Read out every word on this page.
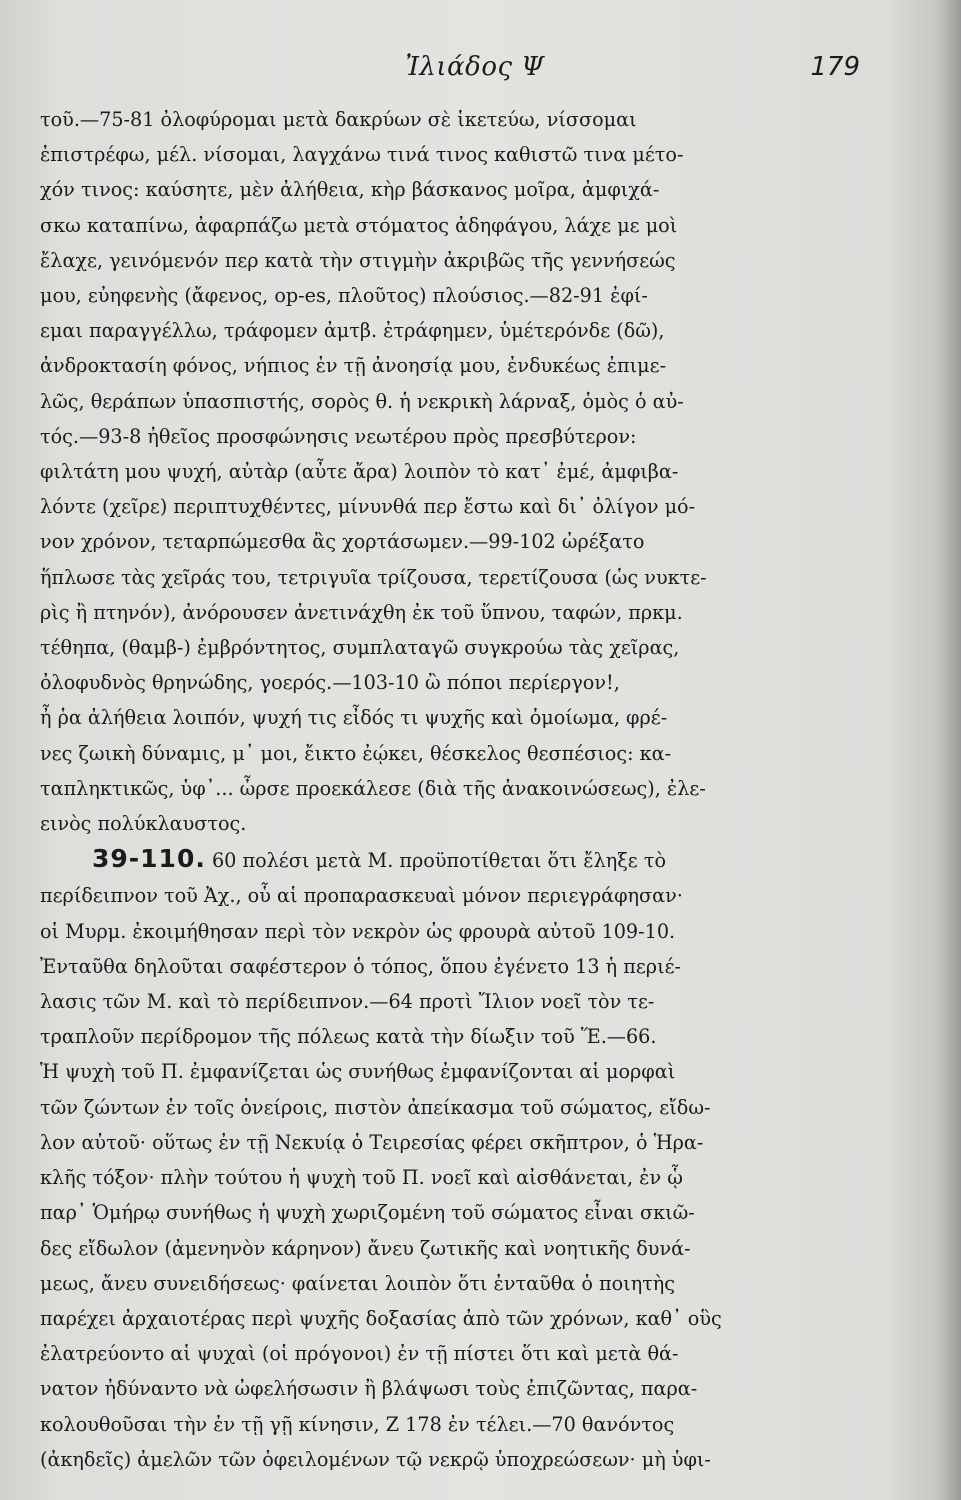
Ἰλιάδος Ψ	179
τοῦ.—75-81 ὀλοφύρομαι μετὰ δακρύων σὲ ἱκετεύω, νίσσομαι
ἐπιστρέφω, μέλ. νίσομαι, λαγχάνω τινά τινος καθιστῶ τινα μέτο-
χόν τινος: καύσητε, μὲν ἀλήθεια, κὴρ βάσκανος μοῖρα, ἀμφιχά-
σκω καταπίνω, ἀφαρπάζω μετὰ στόματος ἀδηφάγου, λάχε με μοὶ
ἔλαχε, γεινόμενόν περ κατὰ τὴν στιγμὴν ἀκριβῶς τῆς γεννήσεώς
μου, εὐηφενὴς (ἄφενος, op-es, πλοῦτος) πλούσιος.—82-91 ἐφί-
εμαι παραγγέλλω, τράφομεν ἀμτβ. ἐτράφημεν, ὑμέτερόνδε (δῶ),
ἀνδροκτασίη φόνος, νήπιος ἐν τῇ ἀνοησίᾳ μου, ἐνδυκέως ἐπιμε-
λῶς, θεράπων ὑπασπιστής, σορὸς θ. ἡ νεκρικὴ λάρναξ, ὁμὸς ὁ αὐ-
τός.—93-8 ἠθεῖος προσφώνησις νεωτέρου πρὸς πρεσβύτερον:
φιλτάτη μου ψυχή, αὐτὰρ (αὖτε ἄρα) λοιπὸν τὸ κατ᾽ ἐμέ, ἀμφιβα-
λόντε (χεῖρε) περιπτυχθέντες, μίνυνθά περ ἔστω καὶ δι᾽ ὀλίγον μό-
νον χρόνον, τεταρπώμεσθα ἂς χορτάσωμεν.—99-102 ὠρέξατο
ἥπλωσε τὰς χεῖράς του, τετριγυῖα τρίζουσα, τερετίζουσα (ὡς νυκτε-
ρὶς ἢ πτηνόν), ἀνόρουσεν ἀνετινάχθη ἐκ τοῦ ὕπνου, ταφών, πρκμ.
τέθηπα, (θαμβ-) ἐμβρόντητος, συμπλαταγῶ συγκρούω τὰς χεῖρας,
ὀλοφυδνὸς θρηνώδης, γοερός.—103-10 ὢ πόποι περίεργον!,
ἦ ῥα ἀλήθεια λοιπόν, ψυχή τις εἶδός τι ψυχῆς καὶ ὁμοίωμα, φρέ-
νες ζωικὴ δύναμις, μ᾽ μοι, ἔικτο ἐῴκει, θέσκελος θεσπέσιος: κα-
ταπληκτικῶς, ὑφ᾽... ὦρσε προεκάλεσε (διὰ τῆς ἀνακοινώσεως), ἐλε-
εινὸς πολύκλαυστος.
39-110. 60 πολέσι μετὰ Μ. προϋποτίθεται ὅτι ἔληξε τὸ
περίδειπνον τοῦ Ἀχ., οὗ αἱ προπαρασκευαὶ μόνον περιεγράφησαν·
οἱ Μυρμ. ἐκοιμήθησαν περὶ τὸν νεκρὸν ὡς φρουρὰ αὐτοῦ 109-10.
Ἐνταῦθα δηλοῦται σαφέστερον ὁ τόπος, ὅπου ἐγένετο 13 ἡ περιέ-
λασις τῶν Μ. καὶ τὸ περίδειπνον.—64 προτὶ Ἴλιον νοεῖ τὸν τε-
τραπλοῦν περίδρομον τῆς πόλεως κατὰ τὴν δίωξιν τοῦ Ἕ.—66.
Ἡ ψυχὴ τοῦ Π. ἐμφανίζεται ὡς συνήθως ἐμφανίζονται αἱ μορφαὶ
τῶν ζώντων ἐν τοῖς ὀνείροις, πιστὸν ἀπείκασμα τοῦ σώματος, εἴδω-
λον αὐτοῦ· οὕτως ἐν τῇ Νεκυίᾳ ὁ Τειρεσίας φέρει σκῆπτρον, ὁ Ἡρα-
κλῆς τόξον· πλὴν τούτου ἡ ψυχὴ τοῦ Π. νοεῖ καὶ αἰσθάνεται, ἐν ᾧ
παρ᾽ Ὁμήρῳ συνήθως ἡ ψυχὴ χωριζομένη τοῦ σώματος εἶναι σκιῶ-
δες εἴδωλον (ἀμενηνὸν κάρηνον) ἄνευ ζωτικῆς καὶ νοητικῆς δυνά-
μεως, ἄνευ συνειδήσεως· φαίνεται λοιπὸν ὅτι ἐνταῦθα ὁ ποιητὴς
παρέχει ἀρχαιοτέρας περὶ ψυχῆς δοξασίας ἀπὸ τῶν χρόνων, καθ᾽ οὓς
ἐλατρεύοντο αἱ ψυχαὶ (οἱ πρόγονοι) ἐν τῇ πίστει ὅτι καὶ μετὰ θά-
νατον ἠδύναντο νὰ ὠφελήσωσιν ἢ βλάψωσι τοὺς ἐπιζῶντας, παρα-
κολουθοῦσαι τὴν ἐν τῇ γῇ κίνησιν, Ζ 178 ἐν τέλει.—70 θανόντος
(ἀκηδεῖς) ἀμελῶν τῶν ὀφειλομένων τῷ νεκρῷ ὑποχρεώσεων· μὴ ὑφι-
